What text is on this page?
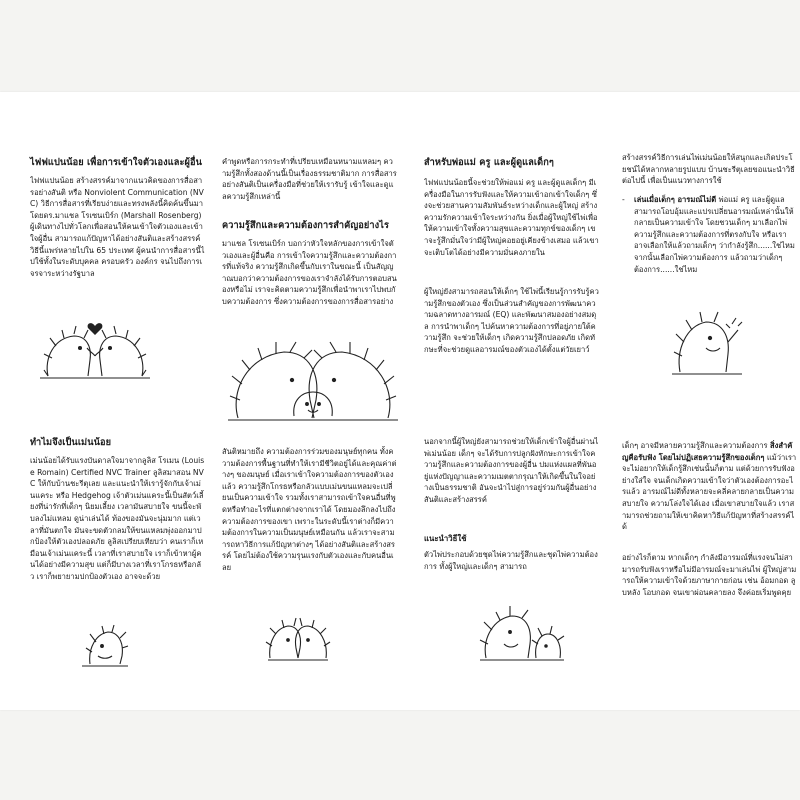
ไฟฟแปนน้อย เพื่อการเข้าใจตัวเองและผู้อื่น
ไฟฟแปนน้อย สร้างสรรค์มาจากแนวคิดของการสื่อสารอย่างสันติ หรือ Nonviolent Communication (NVC) วิธีการสื่อสารที่เรียบง่ายและทรงพลังนี้คิดค้นขึ้นมาโดยดร.มาแชล โรเซนเบิร์ก (Marshall Rosenberg) ผู้เดินทางไปทั่วโลกเพื่อสอนให้คนเข้าใจตัวเองและเข้าใจผู้อื่น สามารถแก้ปัญหาได้อย่างสันติและสร้างสรรค์ วิธีนี้แพร่หลายไปใน 65 ประเทศ ผู้คนนำการสื่อสารนี้ไปใช้ทั้งในระดับบุคคล ครอบครัว องค์กร จนไปถึงการเจรจาระหว่างรัฐบาล
ทำไมจึงเป็นเม่นน้อย
เม่นน้อยได้รับแรงบันดาลใจมาจากลูลิส โรเมน (Louise Romain) Certified NVC Trainer ลูลิสมาสอน NVC ให้กับบ้านชะรีตุเลย และแนะนำให้เรารู้จักกับเจ้าเม่นแคระ หรือ Hedgehog เจ้าตัวเม่นแคระนี้เป็นสัตว์เลี้ยงที่น่ารักที่เด็กๆ นิยมเลี้ยง เวลามันสบายใจ ขนนี้จะพับลงไม่แหลม ดูน่าเล่นได้ ท้องของมันจะนุ่มมาก แต่เวลาที่มันตกใจ มันจะขดตัวกลมให้ขนแหลมพุ่งออกมาปกป้องให้ตัวเองปลอดภัย ลูลิสเปรียบเทียบว่า คนเราก็เหมือนเจ้าเม่นแคระนี้ เวลาที่เราสบายใจ เราก็เข้าหาผู้คนได้อย่างมีความสุข แต่ก็มีบางเวลาที่เราโกรธหรือกลัว เราก็พยายามปกป้องตัวเอง อาจจะด้วย
คำพูดหรือการกระทำที่เปรียบเหมือนหนามแหลมๆ ความรู้สึกทั้งสองด้านนี้เป็นเรื่องธรรมชาติมาก การสื่อสารอย่างสันติเป็นเครื่องมือที่ช่วยให้เรารับรู้ เข้าใจและดูแลความรู้สึกเหล่านี้
ความรู้สึกและความต้องการสำคัญอย่างไร
มาแชล โรเซนเบิร์ก บอกว่าหัวใจหลักของการเข้าใจตัวเองและผู้อื่นคือ การเข้าใจความรู้สึกและความต้องการที่แท้จริง ความรู้สึกเกิดขึ้นกับเราในขณะนี้ เป็นสัญญาณบอกว่าความต้องการของเราจำลังได้รับการตอบสนองหรือไม่ เราจะคิดตามความรู้สึกเพื่อนำพาเราไปพบกับความต้องการ ซึ่งความต้องการของการสื่อสารอย่าง
สันติหมายถึง ความต้องการร่วมของมนุษย์ทุกคน ทั้งความต้องการพื้นฐานที่ทำให้เรามีชีวิตอยู่ได้และคุณค่าต่างๆ ของมนุษย์ เมื่อเราเข้าใจความต้องการของตัวเองแล้ว ความรู้สึกโกรธหรือกลัวแบบเม่นขนแหลมจะเปลี่ยนเป็นความเข้าใจ รวมทั้งเราสามารถเข้าใจคนอื่นที่พูดหรือทำอะไรที่แตกต่างจากเราได้ โดยมองลึกลงไปถึงความต้องการของเขา เพราะในระดับนี้เราต่างก็มีความต้องการในความเป็นมนุษย์เหมือนกัน แล้วเราจะสามารถหาวิธีการแก้ปัญหาต่างๆ ได้อย่างสันติและสร้างสรรค์ โดยไม่ต้องใช้ความรุนแรงกับตัวเองและกับคนอื่นเลย
สำหรับพ่อแม่ ครู และผู้ดูแลเด็กๆ
ไฟฟแปนน้อยนี้จะช่วยให้พ่อแม่ ครู และผู้ดูแลเด็กๆ มีเครื่องมือในการรับฟังและให้ความเข้าอกเข้าใจเด็กๆ ซึ่งจะช่วยสานความสัมพันธ์ระหว่างเด็กและผู้ใหญ่ สร้างความรักความเข้าใจระหว่างกัน ยิ่งเมื่อผู้ใหญ่ใช้ไพ่เพื่อให้ความเข้าใจทั้งความสุขและความทุกข์ของเด็กๆ เขาจะรู้สึกมั่นใจว่ามีผู้ใหญ่คอยอยู่เคียงข้างเสมอ แล้วเขาจะเติบโตได้อย่างมีความมั่นคงภายใน
ผู้ใหญ่ยังสามารถสอนให้เด็กๆ ใช้ไพ่นี้เรียนรู้การรับรู้ความรู้สึกของตัวเอง ซึ่งเป็นส่วนสำคัญของการพัฒนาความฉลาดทางอารมณ์ (EQ) และพัฒนาสมองอย่างสมดุล การนำพาเด็กๆ ไปค้นหาความต้องการที่อยู่ภายใต้ความรู้สึก จะช่วยให้เด็กๆ เกิดความรู้สึกปลอดภัย เกิดทักษะที่จะช่วยดูแลอารมณ์ของตัวเองได้ตั้งแต่วัยเยาว์
นอกจากนี้ผู้ใหญ่ยังสามารถช่วยให้เด็กเข้าใจผู้อื่นผ่านไพ่เม่นน้อย เด็กๆ จะได้รับการปลูกฝังทักษะการเข้าใจความรู้สึกและความต้องการของผู้อื่น ปมแห่งแผลที่พันอยู่แห่งปัญญาและความเมตตากรุณาให้เกิดขึ้นในใจอย่างเป็นธรรมชาติ อันจะนำไปสู่การอยู่ร่วมกันผู้อื่นอย่างสันติและสร้างสรรค์
แนะนำวิธีใช้
ตัวไพ่ประกอบด้วยชุดไพ่ความรู้สึกและชุดไพ่ความต้องการ ทั้งผู้ใหญ่และเด็กๆ สามารถ
สร้างสรรค์วิธีการเล่นไพ่เม่นน้อยให้สนุกและเกิดประโยชน์ได้หลากหลายรูปแบบ บ้านชะรีตุเลยขอแนะนำวิธีต่อไปนี้ เพื่อเป็นแนวทางการใช้
- เล่นเมื่อเด็กๆ อารมณ์ไม่ดี พ่อแม่ ครู และผู้ดูแล สามารถโอบอุ้มและแปรเปลี่ยนอารมณ์เหล่านั้นให้กลายเป็นความเข้าใจ โดยชวนเด็กๆ มาเลือกไพ่ความรู้สึกและความต้องการที่ตรงกับใจ หรือเราอาจเลือกให้แล้วถามเด็กๆ ว่ากำลังรู้สึก......ใช่ไหม จากนั้นเลือกไพ่ความต้องการ แล้วถามว่าเด็กๆ ต้องการ......ใช่ไหม
เด็กๆ อาจมีหลายความรู้สึกและความต้องการ สิ่งสำคัญคือรับฟัง โดยไม่ปฏิเสธความรู้สึกของเด็กๆ แม้ว่าเราจะไม่อยากให้เด็กรู้สึกเช่นนั้นก็ตาม แต่ด้วยการรับฟังอย่างใส่ใจ จนเด็กเกิดความเข้าใจว่าตัวเองต้องการอะไรแล้ว อารมณ์ไม่ดีทั้งหลายจะคลี่คลายกลายเป็นความสบายใจ ความโล่งใจได้เอง เมื่อเขาสบายใจแล้ว เราสามารถช่วยถามให้เขาคิดหาวิธีแก้ปัญหาที่สร้างสรรค์ได้
อย่างไรก็ตาม หากเด็กๆ กำลังมีอารมณ์ที่แรงจนไม่สามารถรับฟังเราหรือไม่มีอารมณ์จะมาเล่นไพ่ ผู้ใหญ่สามารถให้ความเข้าใจด้วยภาษากายก่อน เช่น อ้อมกอด ลูบหลัง โอบกอด จนเขาผ่อนคลายลง จึงค่อยเริ่มพูดคุย
